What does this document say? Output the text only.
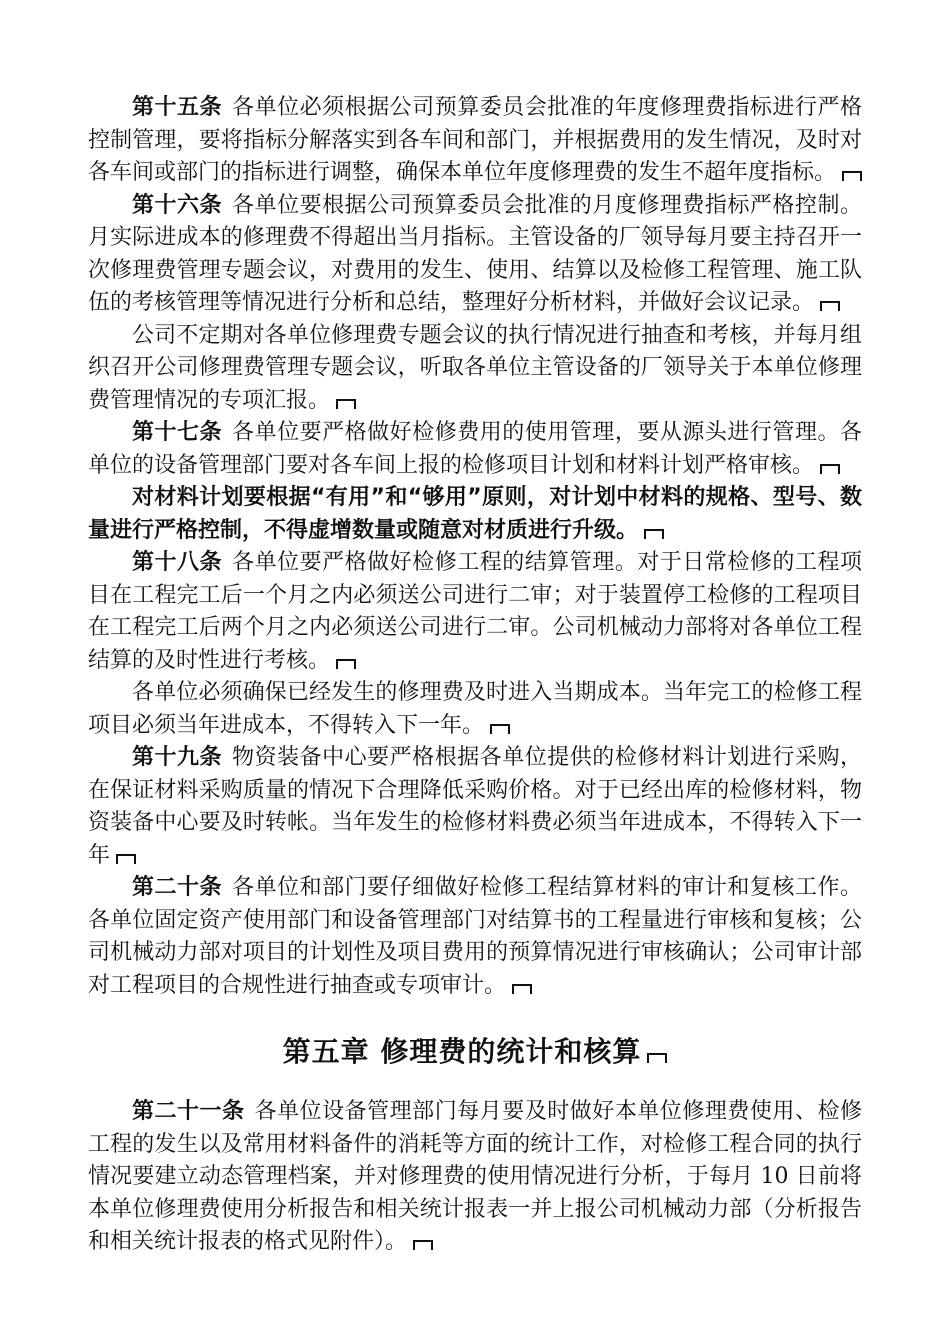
第十五条 各单位必须根据公司预算委员会批准的年度修理费指标进行严格控制管理，要将指标分解落实到各车间和部门，并根据费用的发生情况，及时对各车间或部门的指标进行调整，确保本单位年度修理费的发生不超年度指标。

第十六条 各单位要根据公司预算委员会批准的月度修理费指标严格控制。月实际进成本的修理费不得超出当月指标。主管设备的厂领导每月要主持召开一次修理费管理专题会议，对费用的发生、使用、结算以及检修工程管理、施工队伍的考核管理等情况进行分析和总结，整理好分析材料，并做好会议记录。

公司不定期对各单位修理费专题会议的执行情况进行抽查和考核，并每月组织召开公司修理费管理专题会议，听取各单位主管设备的厂领导关于本单位修理费管理情况的专项汇报。

第十七条 各单位要严格做好检修费用的使用管理，要从源头进行管理。各单位的设备管理部门要对各车间上报的检修项目计划和材料计划严格审核。

对材料计划要根据“有用”和“够用”原则，对计划中材料的规格、型号、数量进行严格控制，不得虚增数量或随意对材质进行升级。

第十八条 各单位要严格做好检修工程的结算管理。对于日常检修的工程项目在工程完工后一个月之内必须送公司进行二审；对于装置停工检修的工程项目在工程完工后两个月之内必须送公司进行二审。公司机械动力部将对各单位工程结算的及时性进行考核。

各单位必须确保已经发生的修理费及时进入当期成本。当年完工的检修工程项目必须当年进成本，不得转入下一年。

第十九条 物资装备中心要严格根据各单位提供的检修材料计划进行采购，在保证材料采购质量的情况下合理降低采购价格。对于已经出库的检修材料，物资装备中心要及时转帐。当年发生的检修材料费必须当年进成本，不得转入下一年

第二十条 各单位和部门要仔细做好检修工程结算材料的审计和复核工作。各单位固定资产使用部门和设备管理部门对结算书的工程量进行审核和复核；公司机械动力部对项目的计划性及项目费用的预算情况进行审核确认；公司审计部对工程项目的合规性进行抽查或专项审计。

第五章 修理费的统计和核算

第二十一条 各单位设备管理部门每月要及时做好本单位修理费使用、检修工程的发生以及常用材料备件的消耗等方面的统计工作，对检修工程合同的执行情况要建立动态管理档案，并对修理费的使用情况进行分析，于每月 10 日前将本单位修理费使用分析报告和相关统计报表一并上报公司机械动力部（分析报告和相关统计报表的格式见附件）。
